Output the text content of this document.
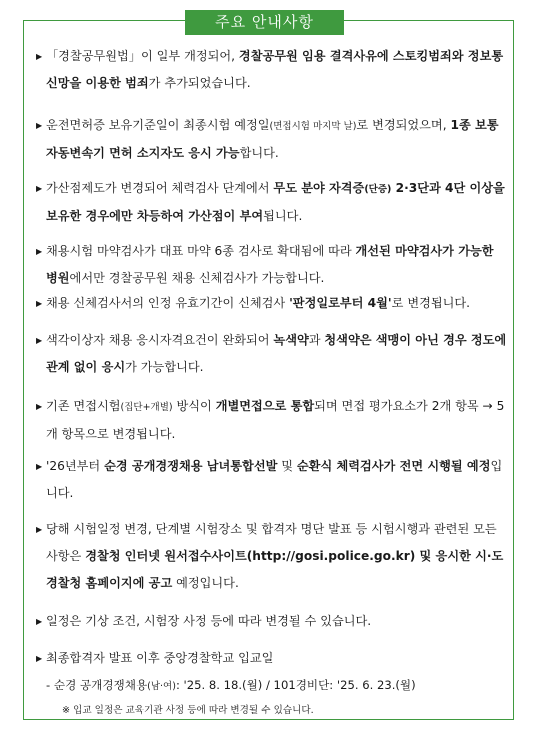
주요 안내사항
▶ 「경찰공무원법」이 일부 개정되어, 경찰공무원 임용 결격사유에 스토킹범죄와 정보통신망을 이용한 범죄가 추가되었습니다.
▶ 운전면허증 보유기준일이 최종시험 예정일(면접시험 마지막 날)로 변경되었으며, 1종 보통 자동변속기 면허 소지자도 응시 가능합니다.
▶ 가산점제도가 변경되어 체력검사 단계에서 무도 분야 자격증(단증) 2·3단과 4단 이상을 보유한 경우에만 차등하여 가산점이 부여됩니다.
▶ 채용시험 마약검사가 대표 마약 6종 검사로 확대됨에 따라 개선된 마약검사가 가능한 병원에서만 경찰공무원 채용 신체검사가 가능합니다.
▶ 채용 신체검사서의 인정 유효기간이 신체검사 '판정일로부터 4월'로 변경됩니다.
▶ 색각이상자 채용 응시자격요건이 완화되어 녹색약과 청색약은 색맹이 아닌 경우 정도에 관계 없이 응시가 가능합니다.
▶ 기존 면접시험(집단+개별) 방식이 개별면접으로 통합되며 면접 평가요소가 2개 항목 → 5개 항목으로 변경됩니다.
▶ '26년부터 순경 공개경쟁채용 남녀통합선발 및 순환식 체력검사가 전면 시행될 예정입니다.
▶ 당해 시험일정 변경, 단계별 시험장소 및 합격자 명단 발표 등 시험시행과 관련된 모든 사항은 경찰청 인터넷 원서접수사이트(http://gosi.police.go.kr) 및 응시한 시·도 경찰청 홈페이지에 공고 예정입니다.
▶ 일정은 기상 조건, 시험장 사정 등에 따라 변경될 수 있습니다.
▶ 최종합격자 발표 이후 중앙경찰학교 입교일
- 순경 공개경쟁채용(남·여): '25. 8. 18.(월) / 101경비단: '25. 6. 23.(월)
※ 입교 일정은 교육기관 사정 등에 따라 변경될 수 있습니다.
